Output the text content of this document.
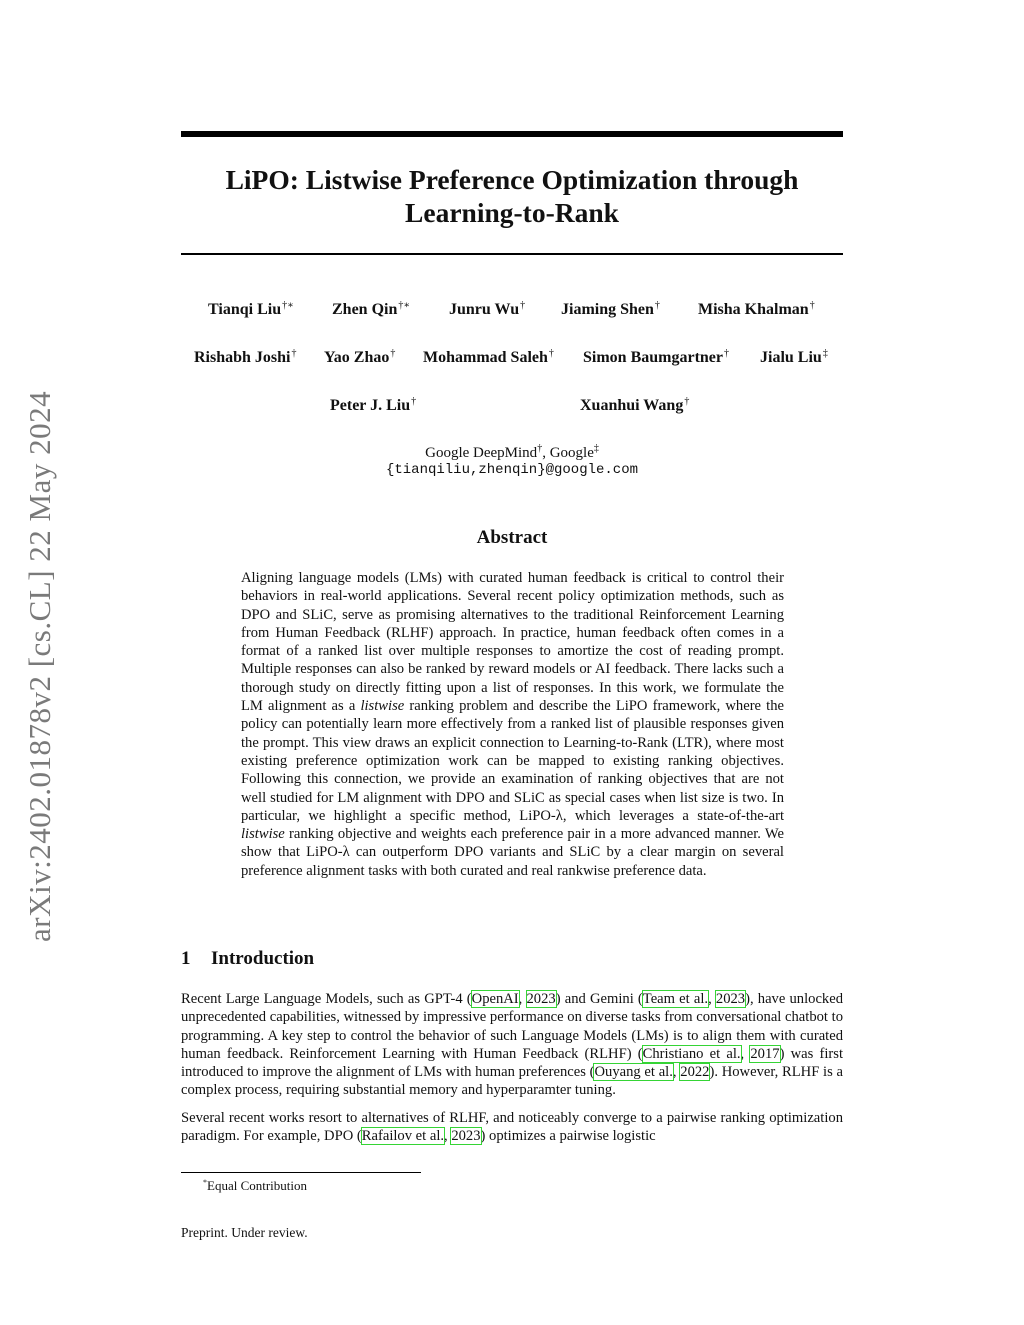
arXiv:2402.01878v2 [cs.CL] 22 May 2024
LiPO: Listwise Preference Optimization through
Learning-to-Rank
Tianqi Liu†∗ Zhen Qin†∗ Junru Wu† Jiaming Shen† Misha Khalman†
Rishabh Joshi† Yao Zhao† Mohammad Saleh† Simon Baumgartner† Jialu Liu‡
Peter J. Liu†	Xuanhui Wang†
Google DeepMind†, Google‡
{tianqiliu,zhenqin}@google.com
Abstract

Aligning language models (LMs) with curated human feedback is critical to control their behaviors in real-world applications. Several recent policy optimization methods, such as DPO and SLiC, serve as promising alternatives to the traditional Reinforcement Learning from Human Feedback (RLHF) approach. In practice, human feedback often comes in a format of a ranked list over multiple responses to amortize the cost of reading prompt. Multiple responses can also be ranked by reward models or AI feedback. There lacks such a thorough study on directly fitting upon a list of responses. In this work, we formulate the LM alignment as a listwise ranking problem and describe the LiPO framework, where the policy can potentially learn more effectively from a ranked list of plausible responses given the prompt. This view draws an explicit connection to Learning-to-Rank (LTR), where most existing preference optimization work can be mapped to existing ranking objectives. Following this connection, we provide an examination of ranking objectives that are not well studied for LM alignment with DPO and SLiC as special cases when list size is two. In particular, we highlight a specific method, LiPO-λ, which leverages a state-of-the-art listwise ranking objective and weights each preference pair in a more advanced manner. We show that LiPO-λ can outperform DPO variants and SLiC by a clear margin on several preference alignment tasks with both curated and real rankwise preference data.

1 Introduction

Recent Large Language Models, such as GPT-4 (OpenAI, 2023) and Gemini (Team et al., 2023), have unlocked unprecedented capabilities, witnessed by impressive performance on diverse tasks from conversational chatbot to programming. A key step to control the behavior of such Language Models (LMs) is to align them with curated human feedback. Reinforcement Learning with Human Feedback (RLHF) (Christiano et al., 2017) was first introduced to improve the alignment of LMs with human preferences (Ouyang et al., 2022). However, RLHF is a complex process, requiring substantial memory and hyperparamter tuning.

Several recent works resort to alternatives of RLHF, and noticeably converge to a pairwise ranking optimization paradigm. For example, DPO (Rafailov et al., 2023) optimizes a pairwise logistic

*Equal Contribution
Preprint. Under review.
